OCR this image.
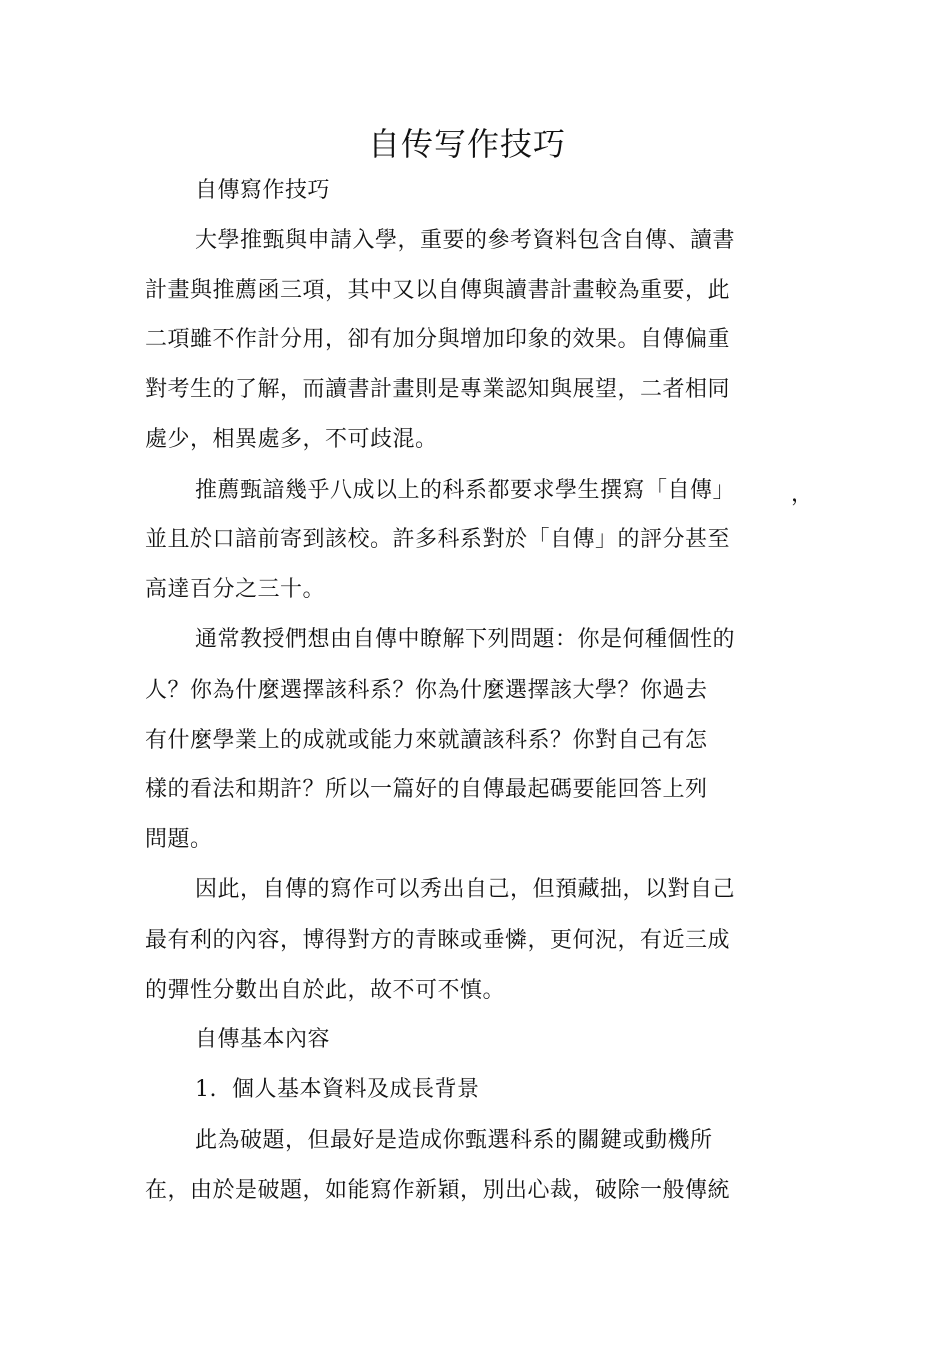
自传写作技巧
自傳寫作技巧
大學推甄與申請入學，重要的參考資料包含自傳、讀書
計畫與推薦函三項，其中又以自傳與讀書計畫較為重要，此
二項雖不作計分用，卻有加分與增加印象的效果。自傳偏重
對考生的了解，而讀書計畫則是專業認知與展望，二者相同
處少，相異處多，不可歧混。
推薦甄諳幾乎八成以上的科系都要求學生撰寫「自傳」	，
並且於口諳前寄到該校。許多科系對於「自傳」的評分甚至
高達百分之三十。
通常教授們想由自傳中瞭解下列問題：你是何種個性的
人？你為什麼選擇該科系？你為什麼選擇該大學？你過去
有什麼學業上的成就或能力來就讀該科系？你對自己有怎
樣的看法和期許？所以一篇好的自傳最起碼要能回答上列
問題。
因此，自傳的寫作可以秀出自己，但預藏拙，以對自己
最有利的內容，博得對方的青睞或垂憐，更何況，有近三成
的彈性分數出自於此，故不可不慎。
自傳基本內容
1.  個人基本資料及成長背景
此為破題，但最好是造成你甄選科系的關鍵或動機所
在，由於是破題，如能寫作新穎，別出心裁，破除一般傳統
